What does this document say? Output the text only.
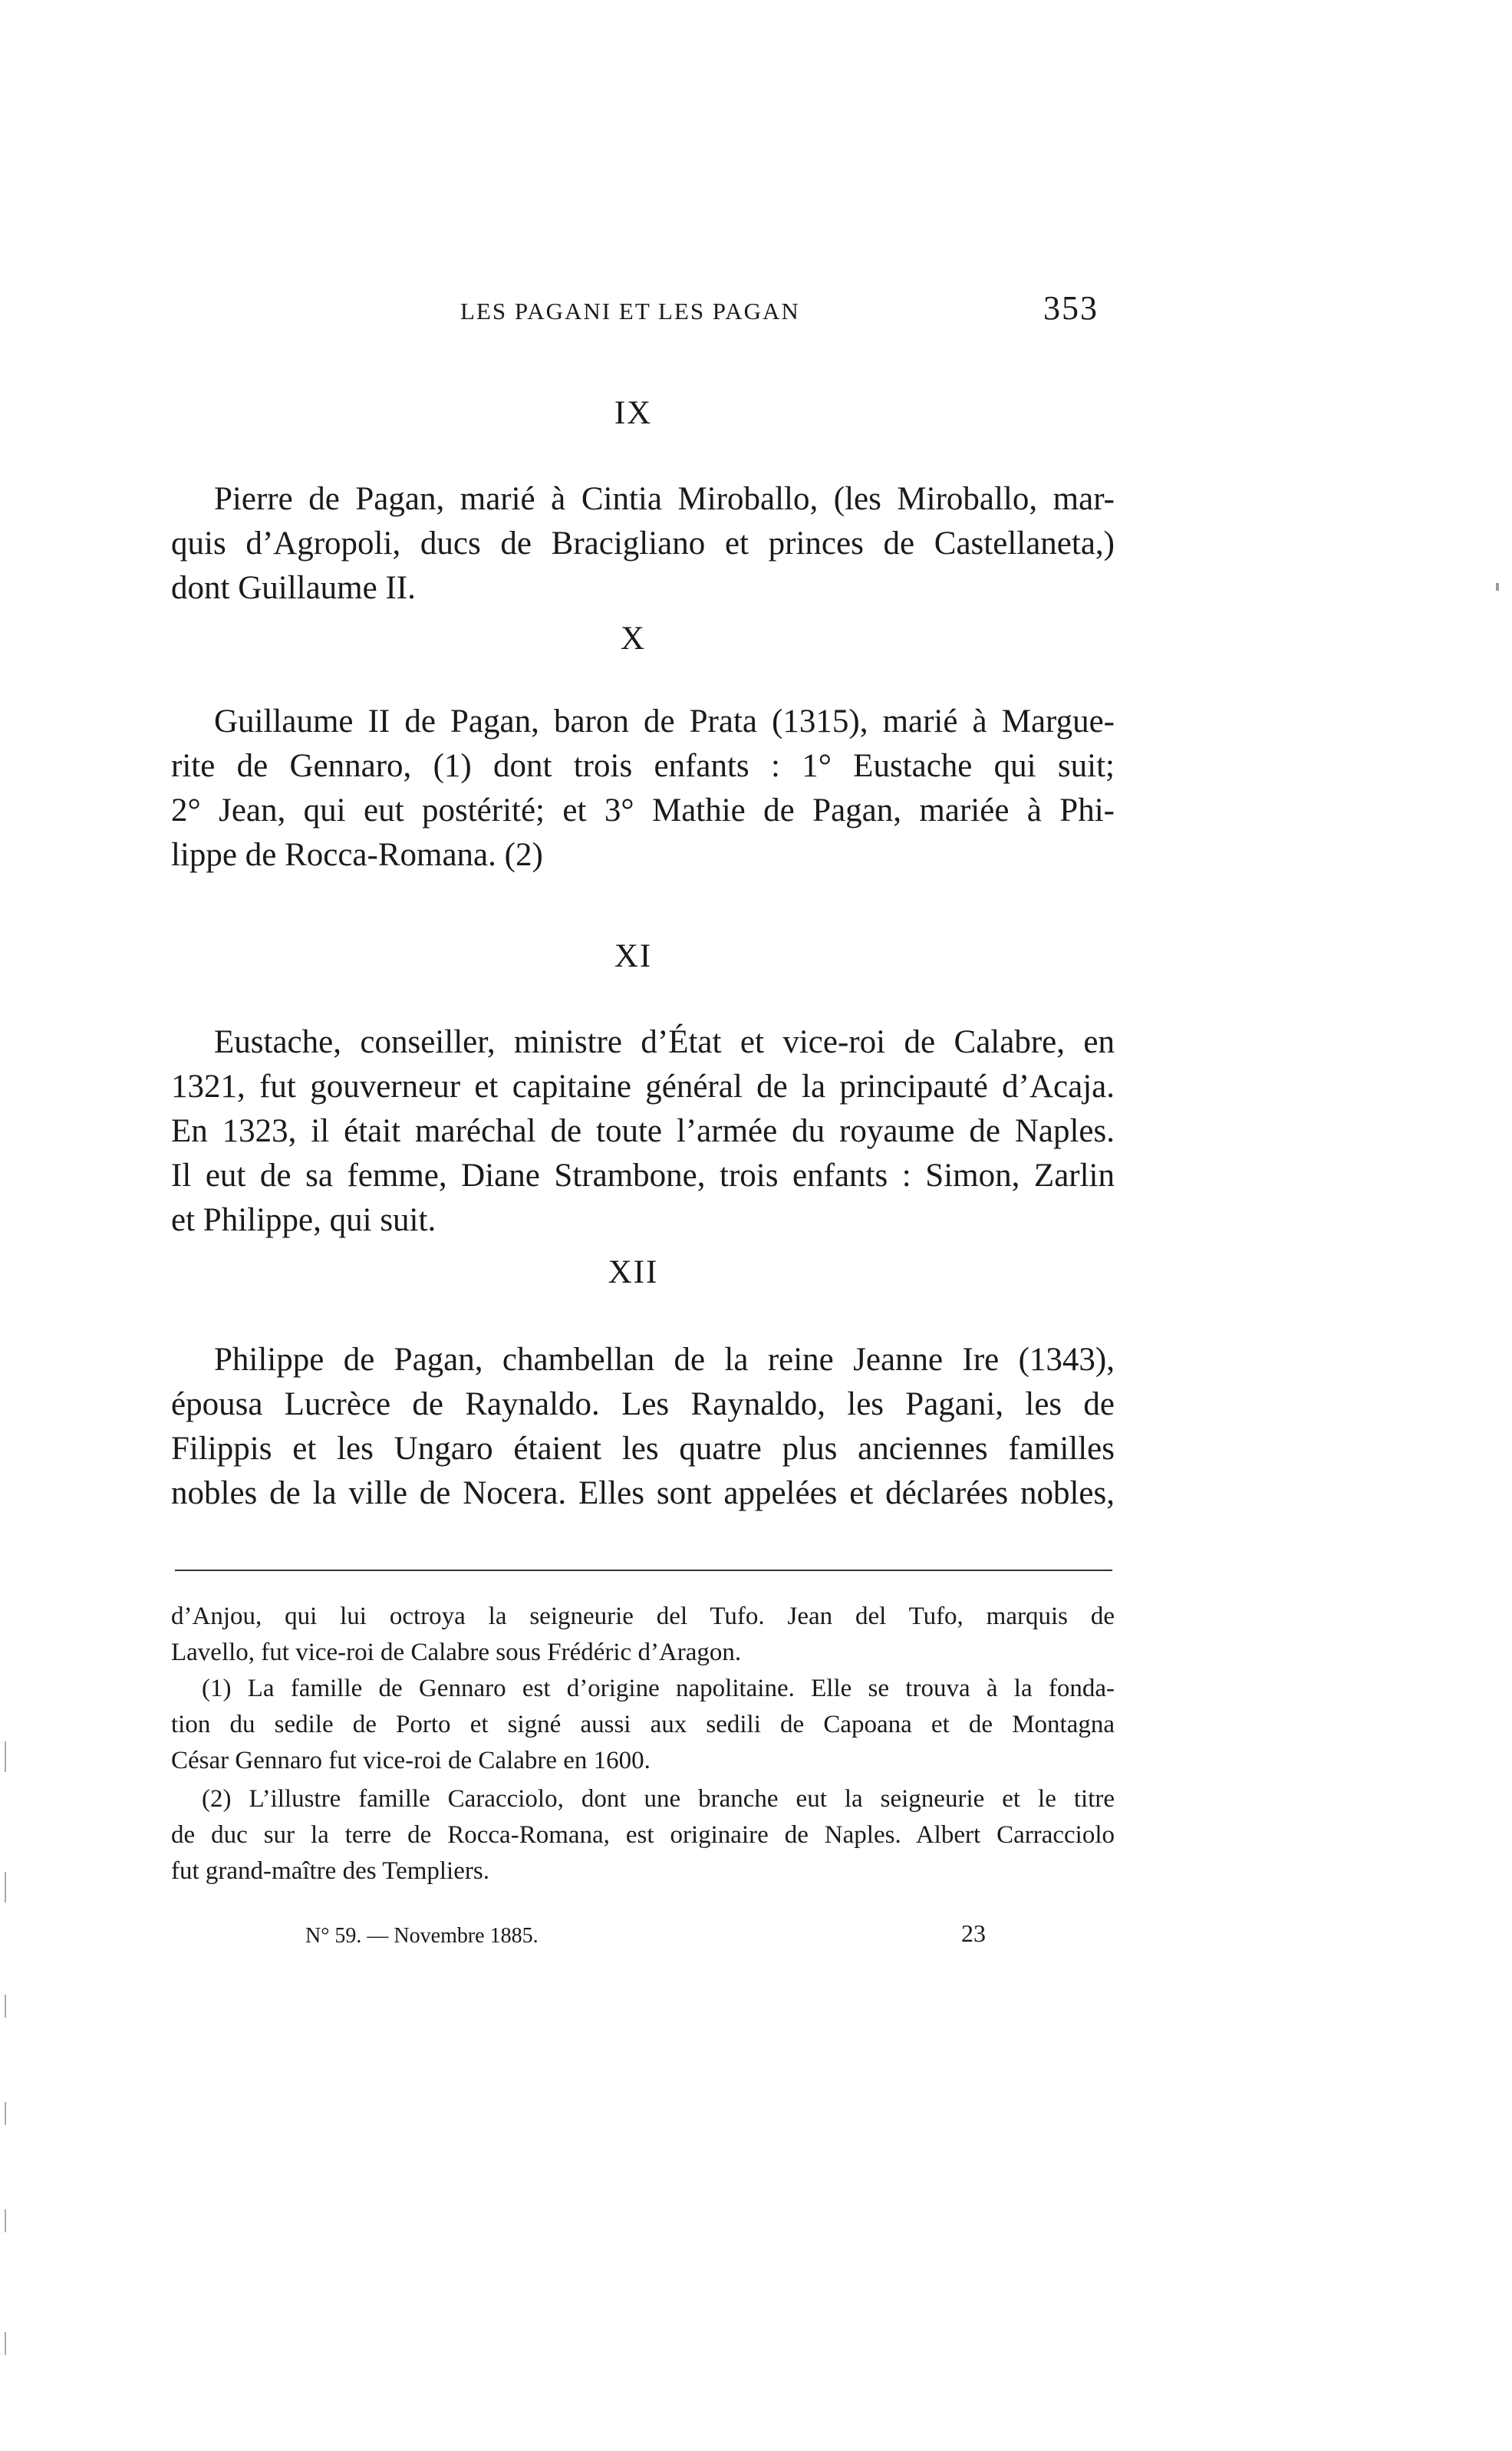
LES PAGANI ET LES PAGAN	353
IX
Pierre de Pagan, marié à Cintia Miroballo, (les Miroballo, mar-
quis d’Agropoli, ducs de Bracigliano et princes de Castellaneta,)
dont Guillaume II.
X
Guillaume II de Pagan, baron de Prata (1315), marié à Margue-
rite de Gennaro, (1) dont trois enfants : 1° Eustache qui suit;
2° Jean, qui eut postérité; et 3° Mathie de Pagan, mariée à Phi-
lippe de Rocca-Romana. (2)
XI
Eustache, conseiller, ministre d’État et vice-roi de Calabre, en
1321, fut gouverneur et capitaine général de la principauté d’Acaja.
En 1323, il était maréchal de toute l’armée du royaume de Naples.
Il eut de sa femme, Diane Strambone, trois enfants : Simon, Zarlin
et Philippe, qui suit.
XII
Philippe de Pagan, chambellan de la reine Jeanne Ire (1343),
épousa Lucrèce de Raynaldo. Les Raynaldo, les Pagani, les de
Filippis et les Ungaro étaient les quatre plus anciennes familles
nobles de la ville de Nocera. Elles sont appelées et déclarées nobles,
d’Anjou, qui lui octroya la seigneurie del Tufo. Jean del Tufo, marquis de
Lavello, fut vice-roi de Calabre sous Frédéric d’Aragon.
(1) La famille de Gennaro est d’origine napolitaine. Elle se trouva à la fonda-
tion du sedile de Porto et signé aussi aux sedili de Capoana et de Montagna
César Gennaro fut vice-roi de Calabre en 1600.
(2) L’illustre famille Caracciolo, dont une branche eut la seigneurie et le titre
de duc sur la terre de Rocca-Romana, est originaire de Naples. Albert Carracciolo
fut grand-maître des Templiers.
N° 59. — Novembre 1885.	23
